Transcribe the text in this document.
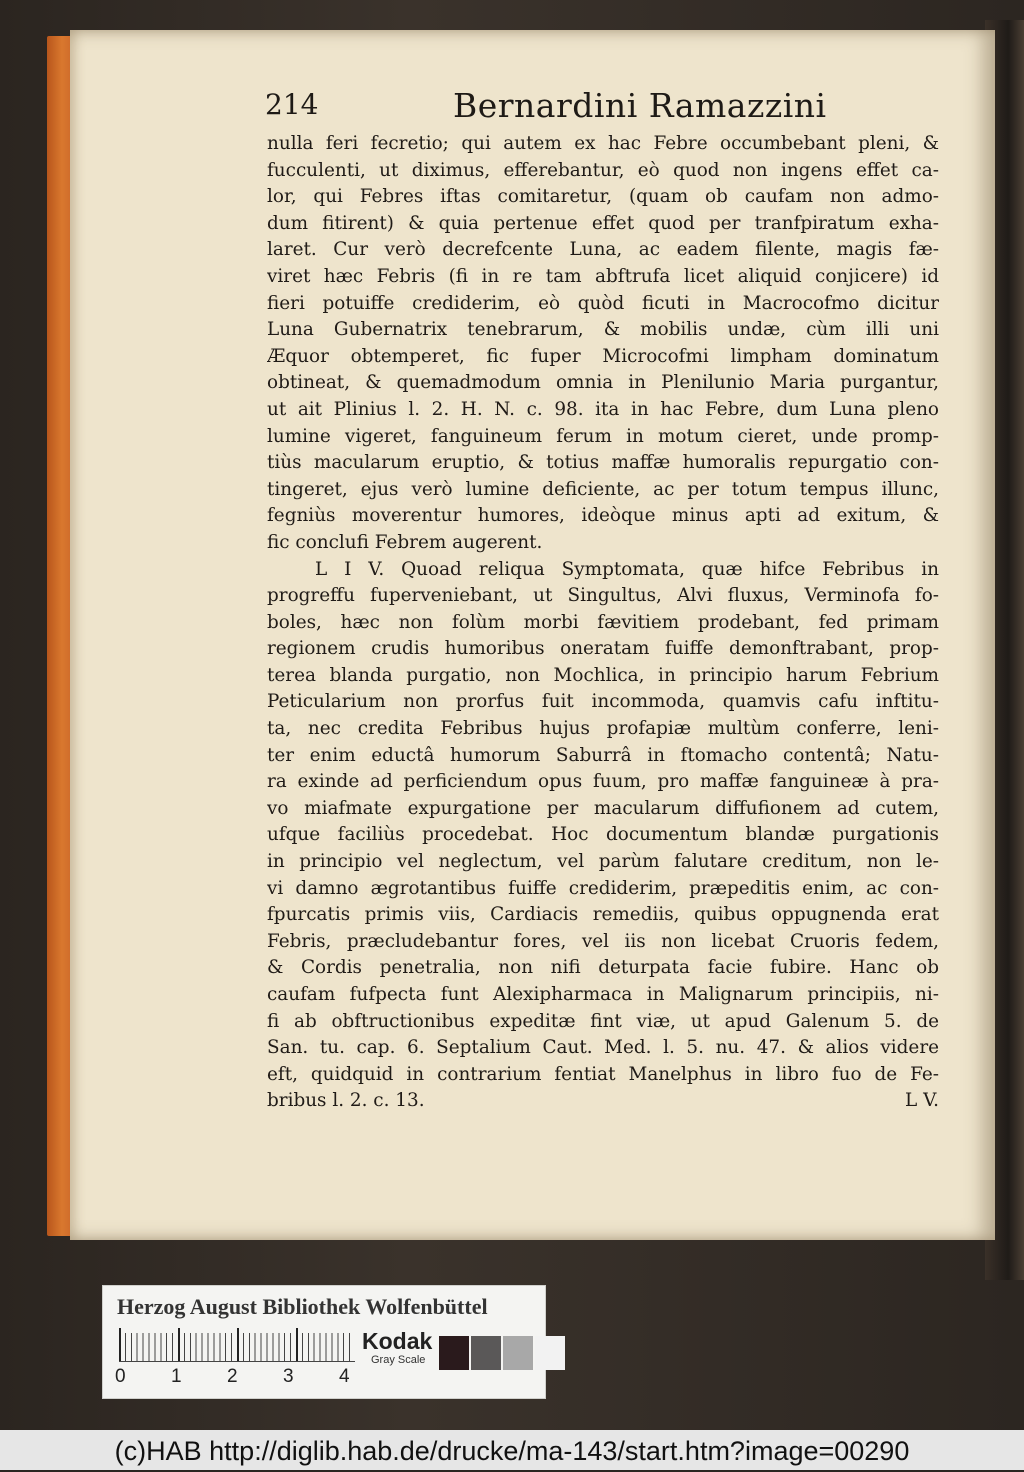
214	Bernardini Ramazzini
nulla feri fecretio; qui autem ex hac Febre occumbebant pleni, &
fucculenti, ut diximus, efferebantur, eò quod non ingens effet ca-
lor, qui Febres iftas comitaretur, (quam ob caufam non admo-
dum fitirent) & quia pertenue effet quod per tranfpiratum exha-
laret. Cur verò decrefcente Luna, ac eadem filente, magis fæ-
viret hæc Febris (fi in re tam abftrufa licet aliquid conjicere) id
fieri potuiffe crediderim, eò quòd ficuti in Macrocofmo dicitur
Luna Gubernatrix tenebrarum, & mobilis undæ, cùm illi uni
Æquor obtemperet, fic fuper Microcofmi limpham dominatum
obtineat, & quemadmodum omnia in Plenilunio Maria purgantur,
ut ait Plinius l. 2. H. N. c. 98. ita in hac Febre, dum Luna pleno
lumine vigeret, fanguineum ferum in motum cieret, unde promp-
tiùs macularum eruptio, & totius maffæ humoralis repurgatio con-
tingeret, ejus verò lumine deficiente, ac per totum tempus illunc,
fegniùs moverentur humores, ideòque minus apti ad exitum, &
fic conclufi Febrem augerent.
L I V. Quoad reliqua Symptomata, quæ hifce Febribus in
progreffu fuperveniebant, ut Singultus, Alvi fluxus, Verminofa fo-
boles, hæc non folùm morbi fævitiem prodebant, fed primam
regionem crudis humoribus oneratam fuiffe demonftrabant, prop-
terea blanda purgatio, non Mochlica, in principio harum Febrium
Peticularium non prorfus fuit incommoda, quamvis cafu inftitu-
ta, nec credita Febribus hujus profapiæ multùm conferre, leni-
ter enim eductâ humorum Saburrâ in ftomacho contentâ; Natu-
ra exinde ad perficiendum opus fuum, pro maffæ fanguineæ à pra-
vo miafmate expurgatione per macularum diffufionem ad cutem,
ufque faciliùs procedebat. Hoc documentum blandæ purgationis
in principio vel neglectum, vel parùm falutare creditum, non le-
vi damno ægrotantibus fuiffe crediderim, præpeditis enim, ac con-
fpurcatis primis viis, Cardiacis remediis, quibus oppugnenda erat
Febris, præcludebantur fores, vel iis non licebat Cruoris fedem,
& Cordis penetralia, non nifi deturpata facie fubire. Hanc ob
caufam fufpecta funt Alexipharmaca in Malignarum principiis, ni-
fi ab obftructionibus expeditæ fint viæ, ut apud Galenum 5. de
San. tu. cap. 6. Septalium Caut. Med. l. 5. nu. 47. & alios videre
eft, quidquid in contrarium fentiat Manelphus in libro fuo de Fe-
bribus l. 2. c. 13.	L V.
Herzog August Bibliothek Wolfenbüttel
0 1 2 3 4
Kodak
Gray Scale
(c)HAB http://diglib.hab.de/drucke/ma-143/start.htm?image=00290
